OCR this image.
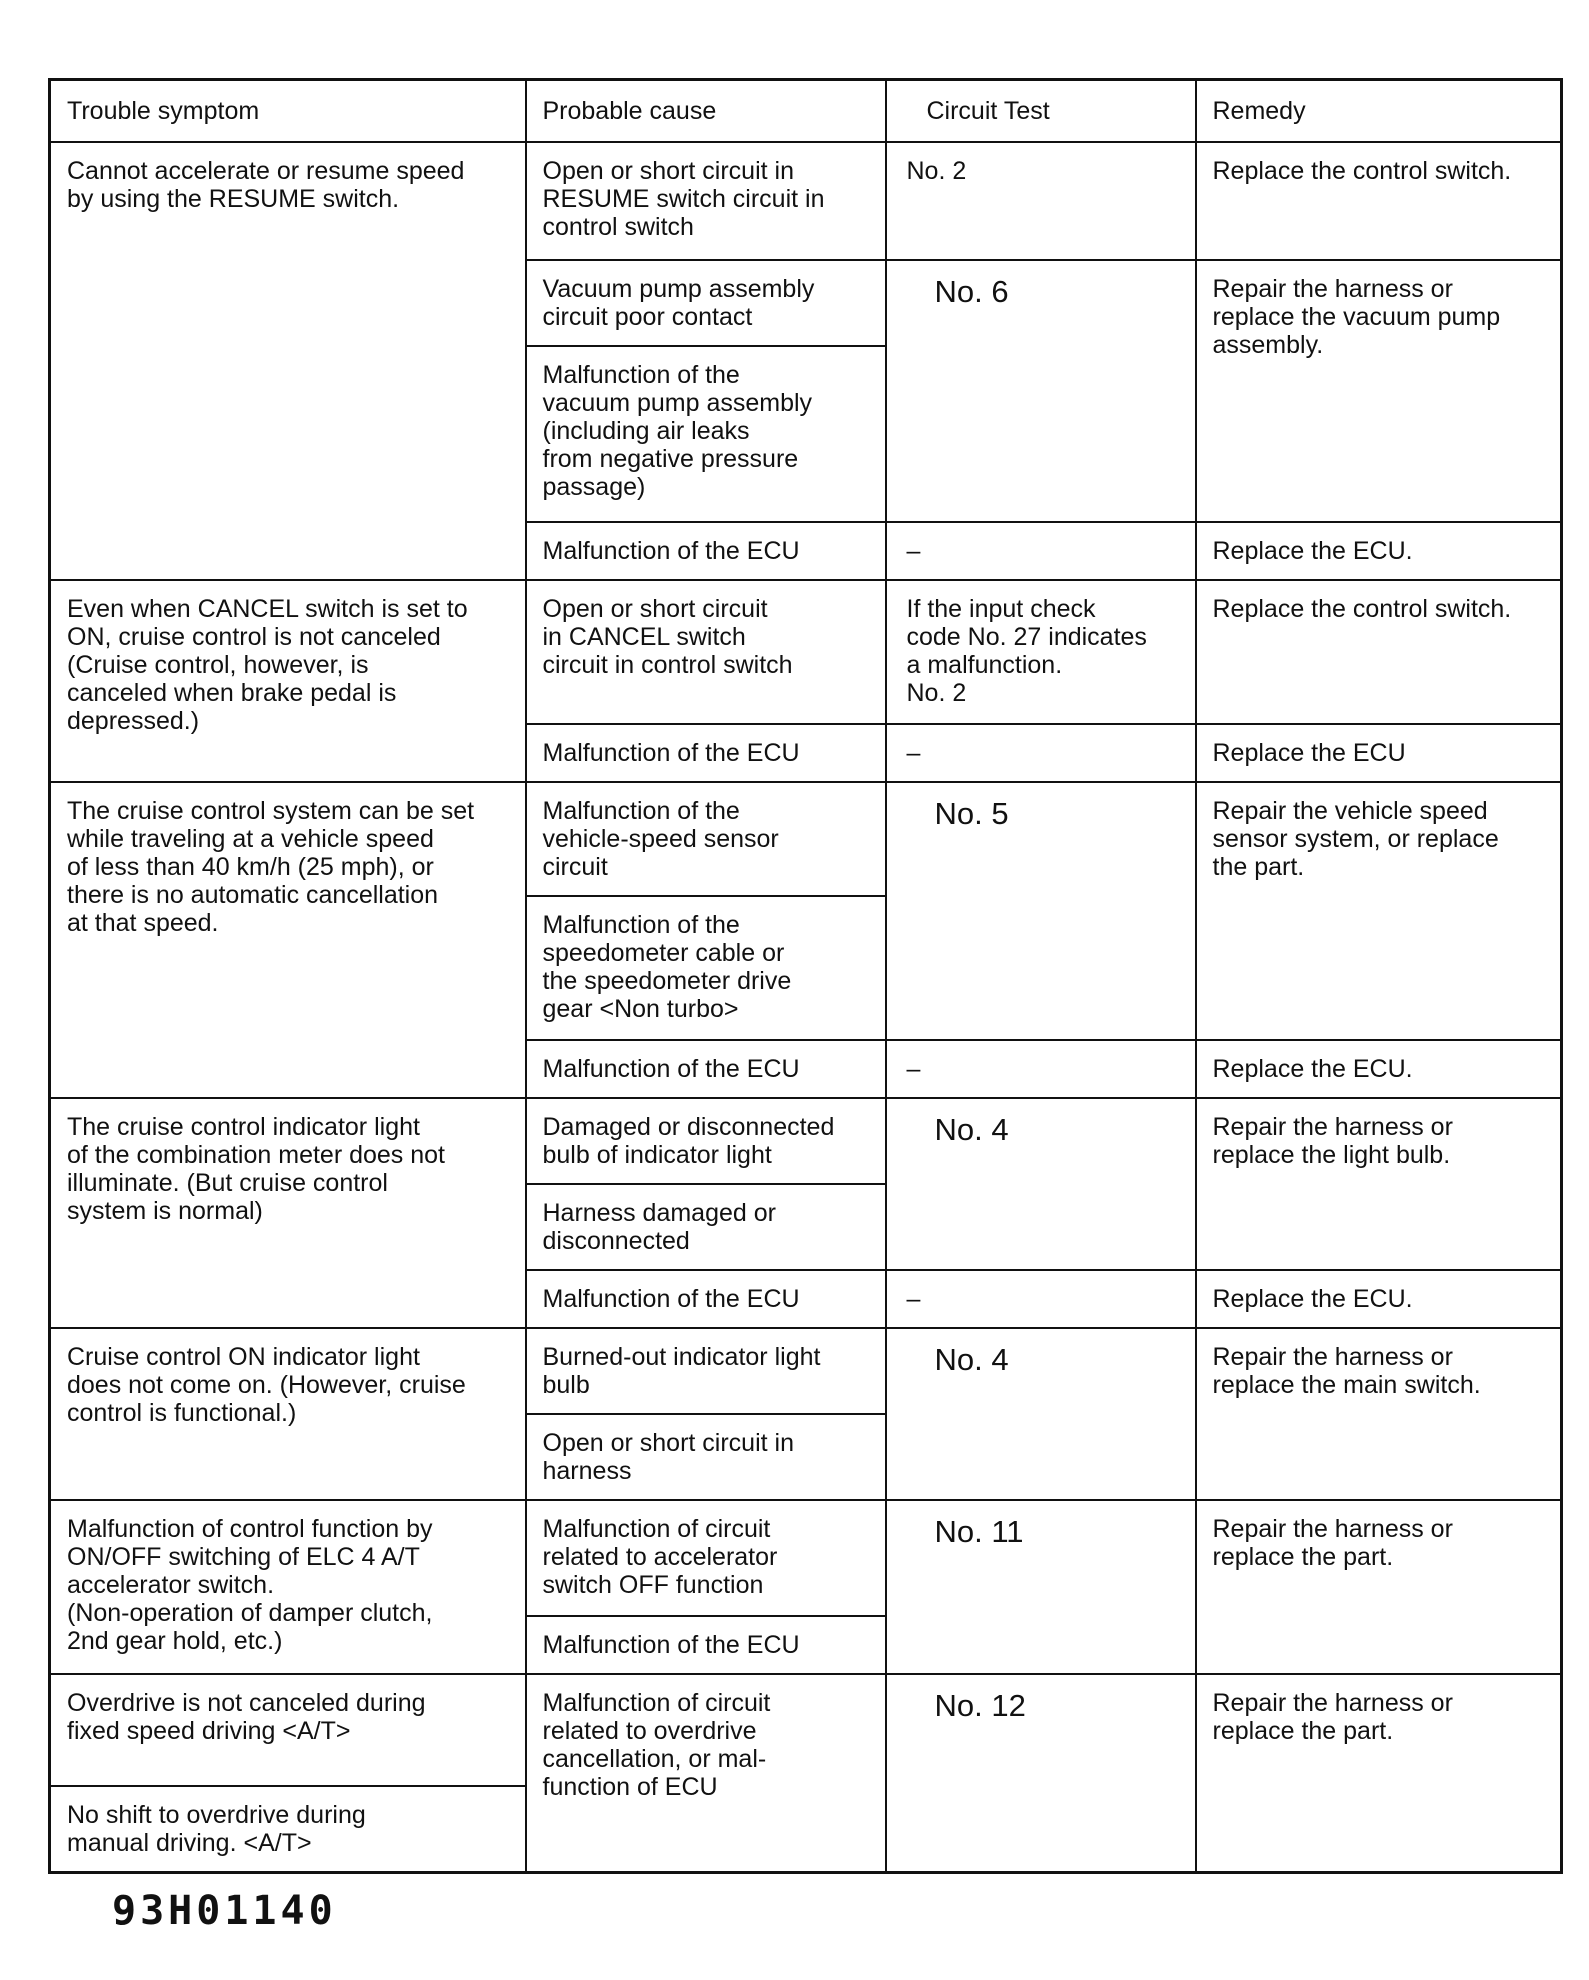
Trouble symptom	Probable cause	Circuit Test	Remedy
Cannot accelerate or resume speed
by using the RESUME switch.	Open or short circuit in
RESUME switch circuit in
control switch	No. 2	Replace the control switch.
	Vacuum pump assembly
circuit poor contact	No. 6	Repair the harness or
replace the vacuum pump
assembly.
	Malfunction of the
vacuum pump assembly
(including air leaks
from negative pressure
passage)		
	Malfunction of the ECU	–	Replace the ECU.
Even when CANCEL switch is set to
ON, cruise control is not canceled
(Cruise control, however, is
canceled when brake pedal is
depressed.)	Open or short circuit
in CANCEL switch
circuit in control switch	If the input check
code No. 27 indicates
a malfunction.
No. 2	Replace the control switch.
	Malfunction of the ECU	–	Replace the ECU
The cruise control system can be set
while traveling at a vehicle speed
of less than 40 km/h (25 mph), or
there is no automatic cancellation
at that speed.	Malfunction of the
vehicle-speed sensor
circuit	No. 5	Repair the vehicle speed
sensor system, or replace
the part.
	Malfunction of the
speedometer cable or
the speedometer drive
gear <Non turbo>		
	Malfunction of the ECU	–	Replace the ECU.
The cruise control indicator light
of the combination meter does not
illuminate. (But cruise control
system is normal)	Damaged or disconnected
bulb of indicator light	No. 4	Repair the harness or
replace the light bulb.
	Harness damaged or
disconnected		
	Malfunction of the ECU	–	Replace the ECU.
Cruise control ON indicator light
does not come on. (However, cruise
control is functional.)	Burned-out indicator light
bulb	No. 4	Repair the harness or
replace the main switch.
	Open or short circuit in
harness		
Malfunction of control function by
ON/OFF switching of ELC 4 A/T
accelerator switch.
(Non-operation of damper clutch,
2nd gear hold, etc.)	Malfunction of circuit
related to accelerator
switch OFF function	No. 11	Repair the harness or
replace the part.
	Malfunction of the ECU		
Overdrive is not canceled during
fixed speed driving <A/T>	Malfunction of circuit
related to overdrive
cancellation, or mal-
function of ECU	No. 12	Repair the harness or
replace the part.
No shift to overdrive during
manual driving. <A/T>			
93H01140
